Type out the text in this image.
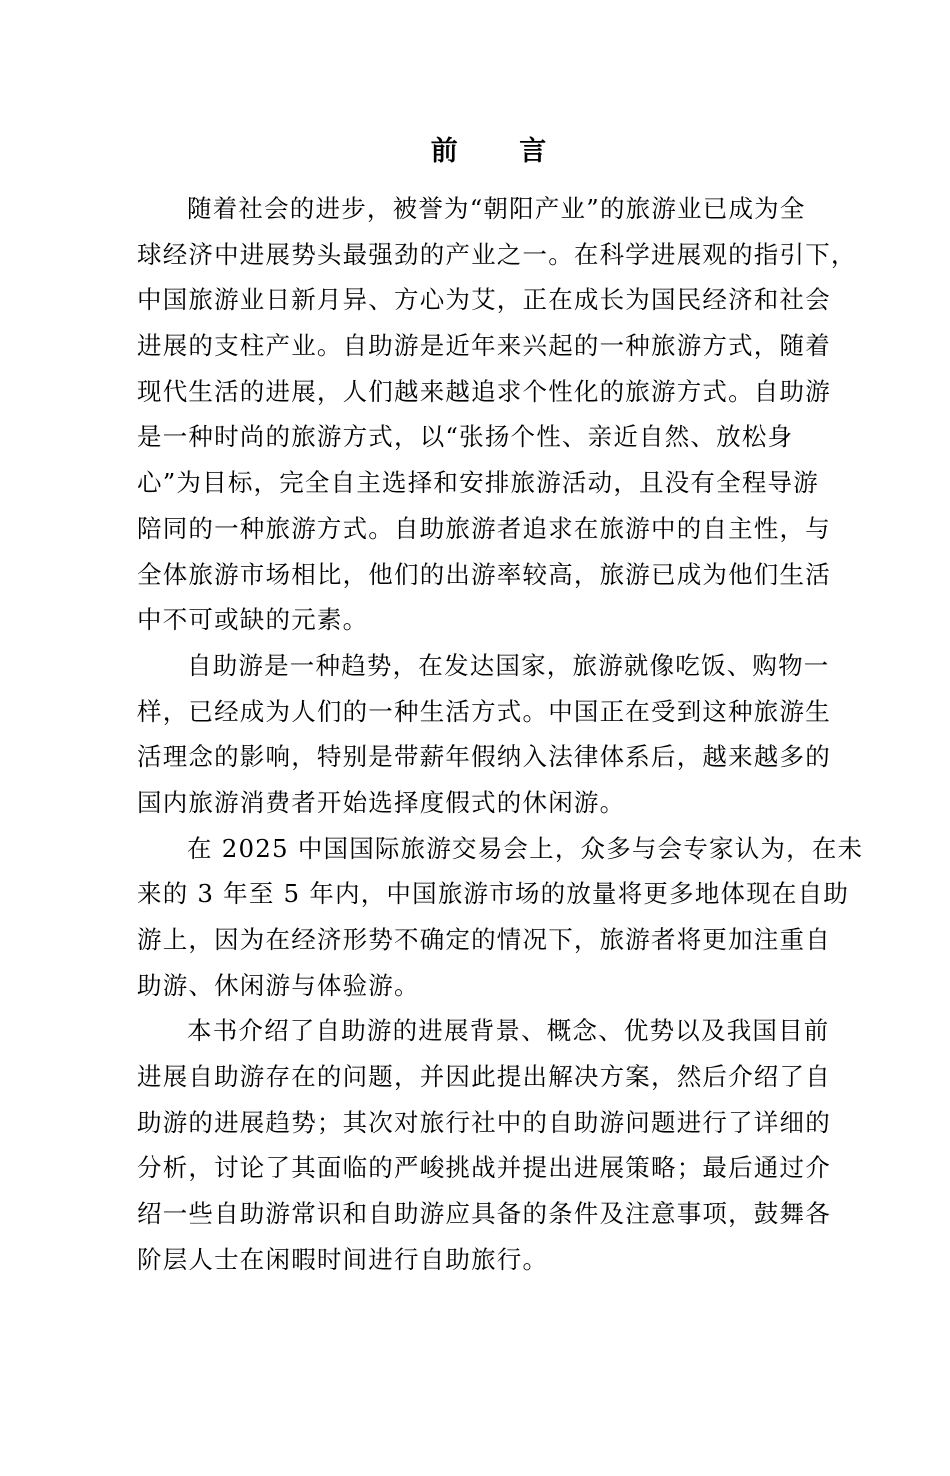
前 言
随着社会的进步，被誉为“朝阳产业”的旅游业已成为全
球经济中进展势头最强劲的产业之一。在科学进展观的指引下，
中国旅游业日新月异、方心为艾，正在成长为国民经济和社会
进展的支柱产业。自助游是近年来兴起的一种旅游方式，随着
现代生活的进展，人们越来越追求个性化的旅游方式。自助游
是一种时尚的旅游方式，以“张扬个性、亲近自然、放松身
心”为目标，完全自主选择和安排旅游活动，且没有全程导游
陪同的一种旅游方式。自助旅游者追求在旅游中的自主性，与
全体旅游市场相比，他们的出游率较高，旅游已成为他们生活
中不可或缺的元素。
自助游是一种趋势，在发达国家，旅游就像吃饭、购物一
样，已经成为人们的一种生活方式。中国正在受到这种旅游生
活理念的影响，特别是带薪年假纳入法律体系后，越来越多的
国内旅游消费者开始选择度假式的休闲游。
在 2025 中国国际旅游交易会上，众多与会专家认为，在未
来的 3 年至 5 年内，中国旅游市场的放量将更多地体现在自助
游上，因为在经济形势不确定的情况下，旅游者将更加注重自
助游、休闲游与体验游。
本书介绍了自助游的进展背景、概念、优势以及我国目前
进展自助游存在的问题，并因此提出解决方案，然后介绍了自
助游的进展趋势；其次对旅行社中的自助游问题进行了详细的
分析，讨论了其面临的严峻挑战并提出进展策略；最后通过介
绍一些自助游常识和自助游应具备的条件及注意事项，鼓舞各
阶层人士在闲暇时间进行自助旅行。
